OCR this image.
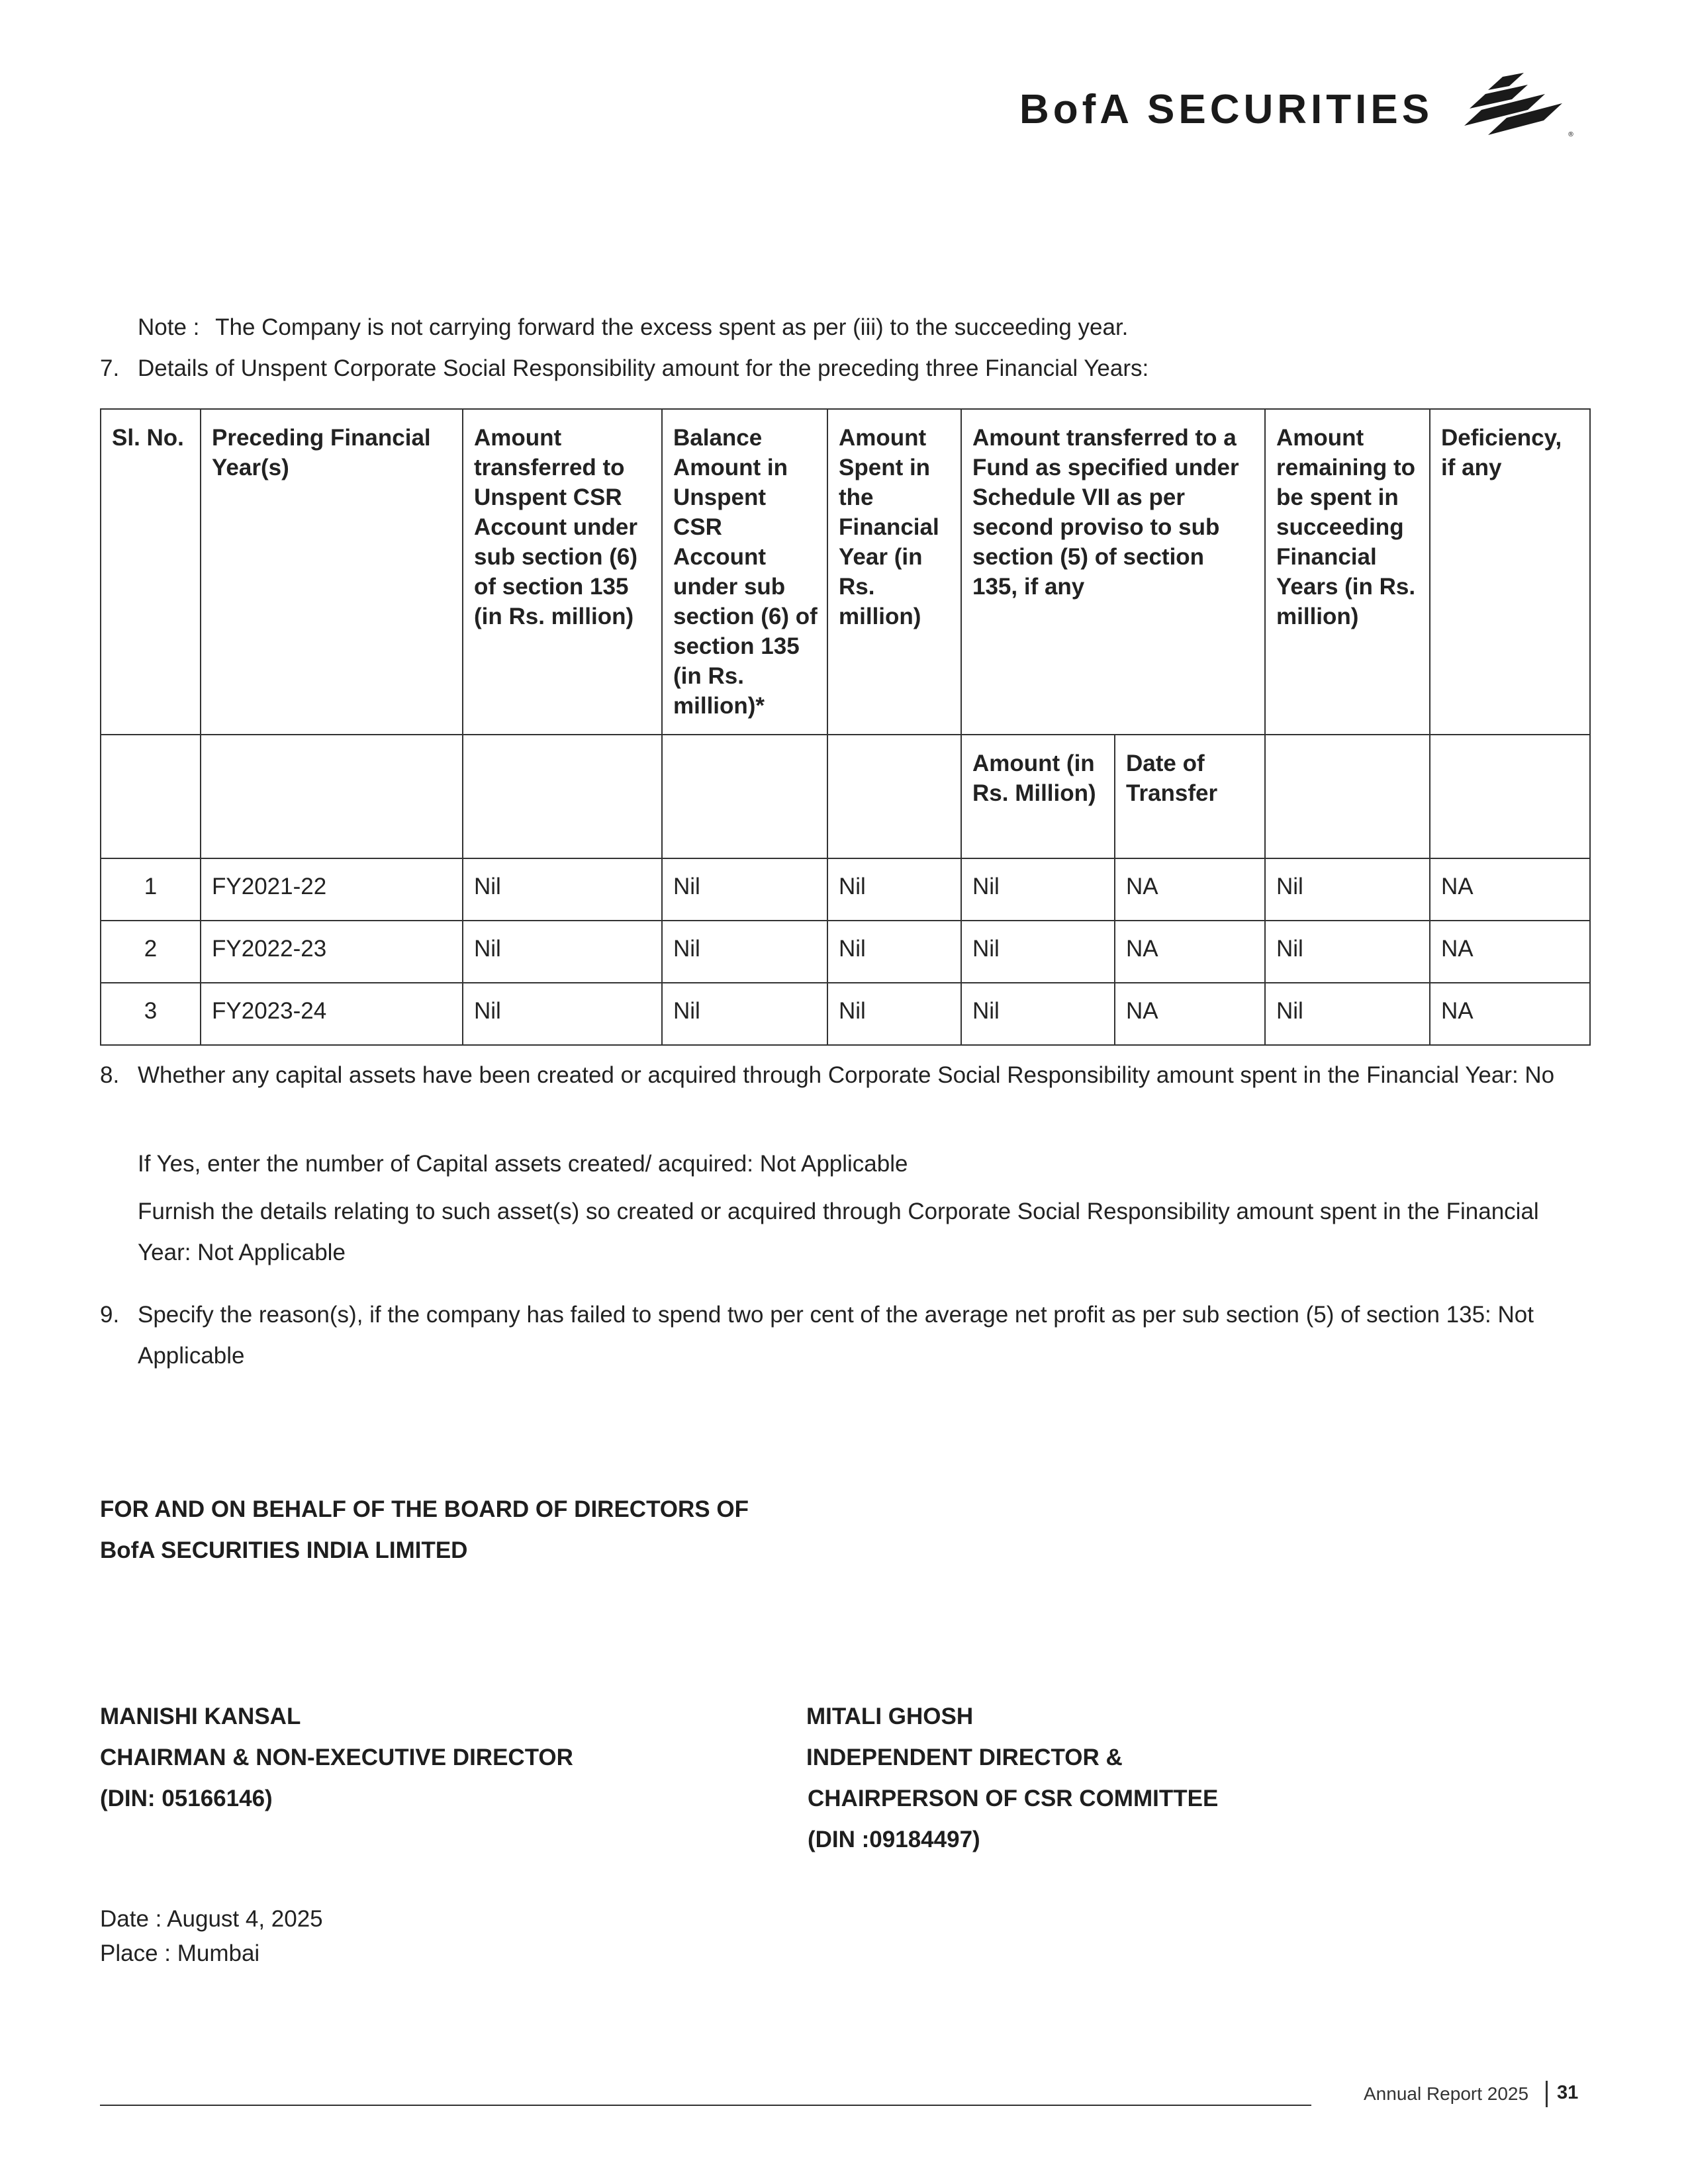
BofA SECURITIES
®
Note : The Company is not carrying forward the excess spent as per (iii) to the succeeding year.
7. Details of Unspent Corporate Social Responsibility amount for the preceding three Financial Years:
Sl. No.	Preceding Financial Year(s)	Amount transferred to Unspent CSR Account under sub section (6) of section 135 (in Rs. million)	Balance Amount in Unspent CSR Account under sub section (6) of section 135 (in Rs. million)*	Amount Spent in the Financial Year (in Rs. million)	Amount transferred to a Fund as specified under Schedule VII as per second proviso to sub section (5) of section 135, if any		Amount remaining to be spent in succeeding Financial Years (in Rs. million)	Deficiency, if any
					Amount (in Rs. Million)	Date of Transfer		
1	FY2021-22	Nil	Nil	Nil	Nil	NA	Nil	NA
2	FY2022-23	Nil	Nil	Nil	Nil	NA	Nil	NA
3	FY2023-24	Nil	Nil	Nil	Nil	NA	Nil	NA
8. Whether any capital assets have been created or acquired through Corporate Social Responsibility amount spent in the Financial Year: No
If Yes, enter the number of Capital assets created/ acquired: Not Applicable
Furnish the details relating to such asset(s) so created or acquired through Corporate Social Responsibility amount spent in the Financial Year: Not Applicable
9. Specify the reason(s), if the company has failed to spend two per cent of the average net profit as per sub section (5) of section 135: Not Applicable
FOR AND ON BEHALF OF THE BOARD OF DIRECTORS OF
BofA SECURITIES INDIA LIMITED
MANISHI KANSAL
CHAIRMAN & NON-EXECUTIVE DIRECTOR
(DIN: 05166146)
MITALI GHOSH
INDEPENDENT DIRECTOR &
CHAIRPERSON OF CSR COMMITTEE
(DIN :09184497)
Date : August 4, 2025
Place : Mumbai
Annual Report 2025 31
